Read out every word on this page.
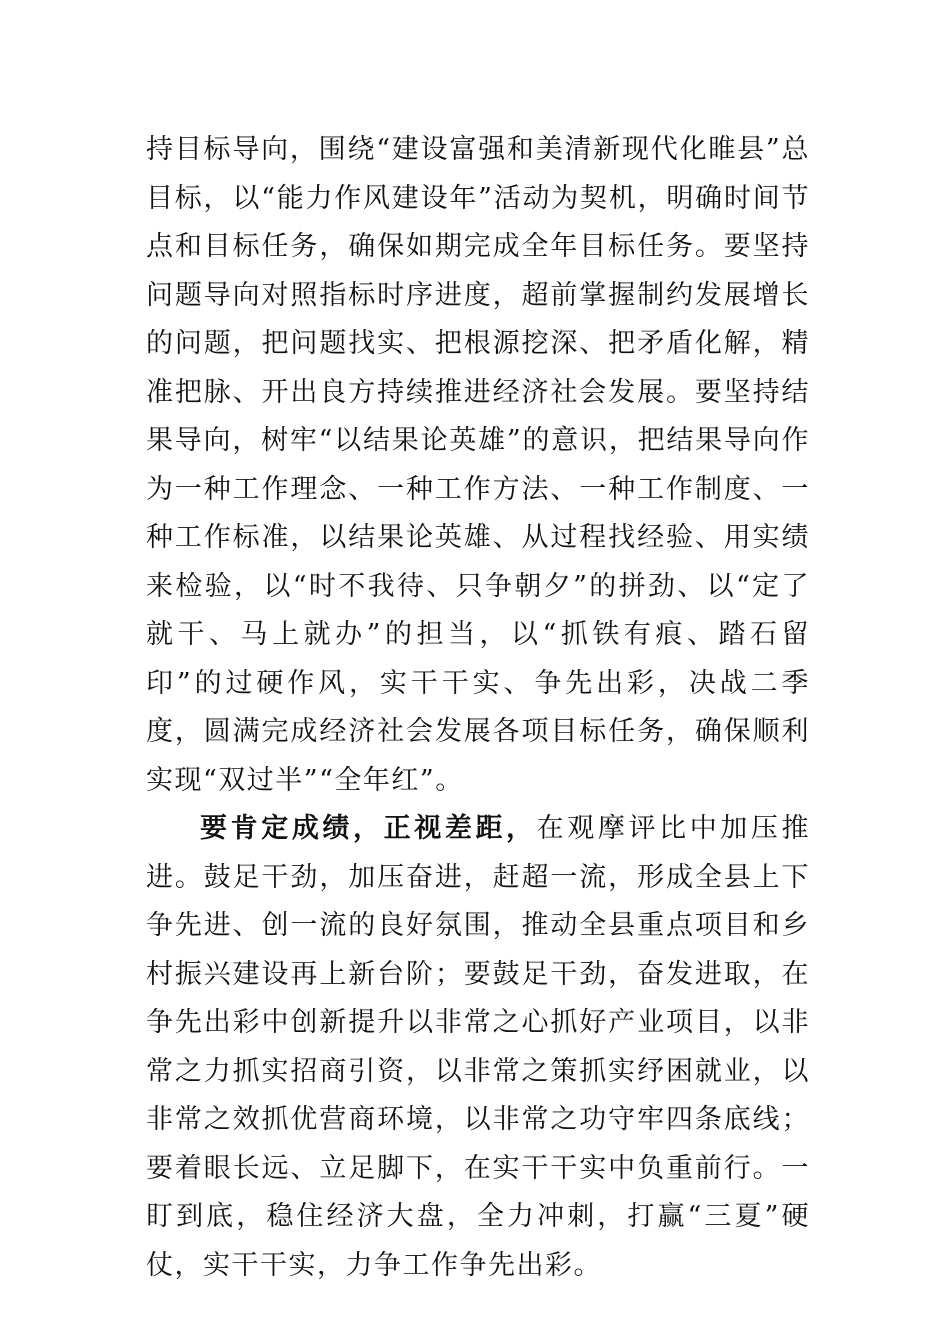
持目标导向，围绕“建设富强和美清新现代化睢县”总目标，以“能力作风建设年”活动为契机，明确时间节点和目标任务，确保如期完成全年目标任务。要坚持问题导向对照指标时序进度，超前掌握制约发展增长的问题，把问题找实、把根源挖深、把矛盾化解，精准把脉、开出良方持续推进经济社会发展。要坚持结果导向，树牢“以结果论英雄”的意识，把结果导向作为一种工作理念、一种工作方法、一种工作制度、一种工作标准，以结果论英雄、从过程找经验、用实绩来检验，以“时不我待、只争朝夕”的拼劲、以“定了就干、马上就办”的担当，以“抓铁有痕、踏石留印”的过硬作风，实干干实、争先出彩，决战二季度，圆满完成经济社会发展各项目标任务，确保顺利实现“双过半”“全年红”。

要肯定成绩，正视差距，在观摩评比中加压推进。鼓足干劲，加压奋进，赶超一流，形成全县上下争先进、创一流的良好氛围，推动全县重点项目和乡村振兴建设再上新台阶；要鼓足干劲，奋发进取，在争先出彩中创新提升以非常之心抓好产业项目，以非常之力抓实招商引资，以非常之策抓实纾困就业，以非常之效抓优营商环境，以非常之功守牢四条底线；要着眼长远、立足脚下，在实干干实中负重前行。一盯到底，稳住经济大盘，全力冲刺，打赢“三夏”硬仗，实干干实，力争工作争先出彩。
